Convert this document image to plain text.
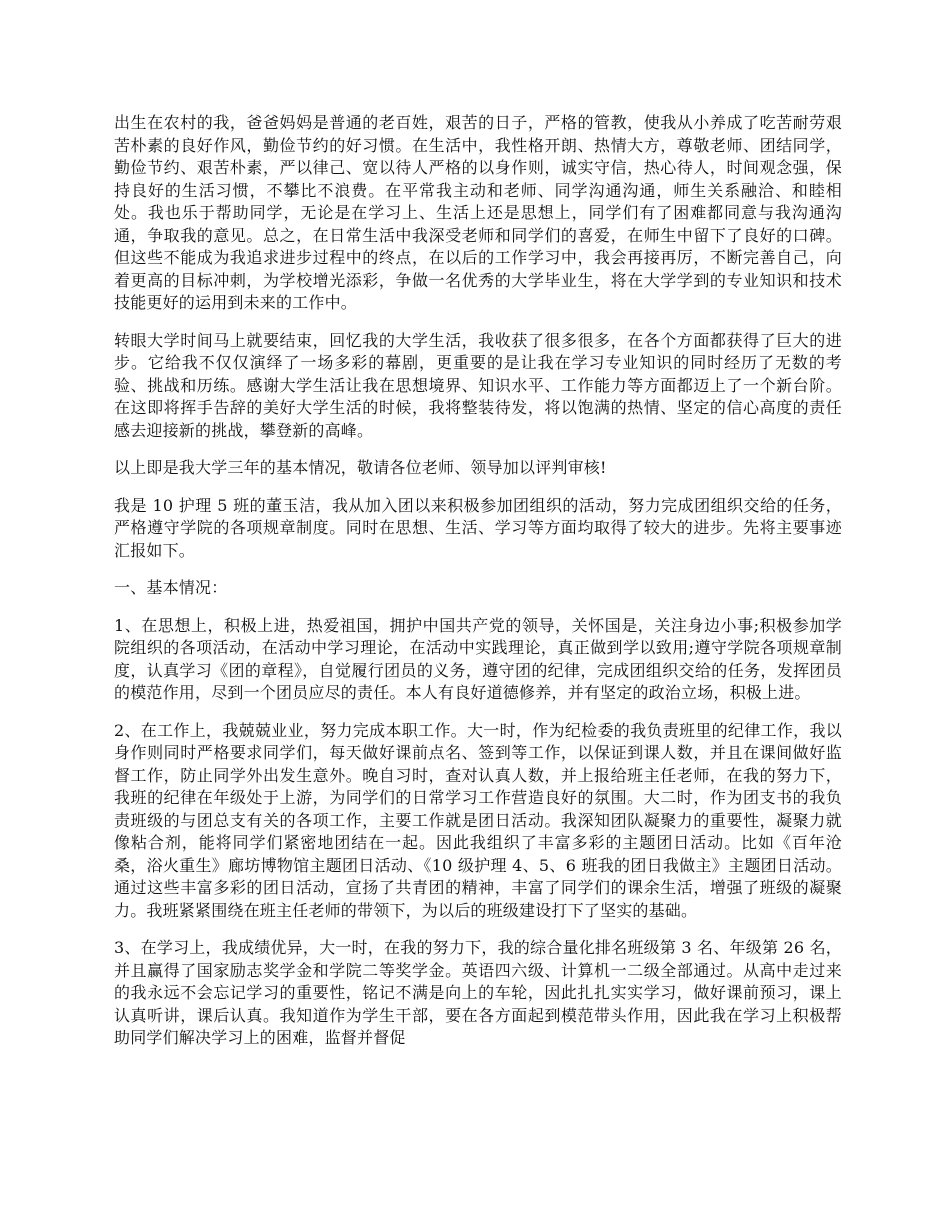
出生在农村的我，爸爸妈妈是普通的老百姓，艰苦的日子，严格的管教，使我从小养成了吃苦耐劳艰苦朴素的良好作风，勤俭节约的好习惯。在生活中，我性格开朗、热情大方，尊敬老师、团结同学，勤俭节约、艰苦朴素，严以律己、宽以待人严格的以身作则，诚实守信，热心待人，时间观念强，保持良好的生活习惯，不攀比不浪费。在平常我主动和老师、同学沟通沟通，师生关系融洽、和睦相处。我也乐于帮助同学，无论是在学习上、生活上还是思想上，同学们有了困难都同意与我沟通沟通，争取我的意见。总之，在日常生活中我深受老师和同学们的喜爱，在师生中留下了良好的口碑。但这些不能成为我追求进步过程中的终点，在以后的工作学习中，我会再接再厉，不断完善自己，向着更高的目标冲刺，为学校增光添彩，争做一名优秀的大学毕业生，将在大学学到的专业知识和技术技能更好的运用到未来的工作中。

转眼大学时间马上就要结束，回忆我的大学生活，我收获了很多很多，在各个方面都获得了巨大的进步。它给我不仅仅演绎了一场多彩的幕剧，更重要的是让我在学习专业知识的同时经历了无数的考验、挑战和历练。感谢大学生活让我在思想境界、知识水平、工作能力等方面都迈上了一个新台阶。在这即将挥手告辞的美好大学生活的时候，我将整装待发，将以饱满的热情、坚定的信心高度的责任感去迎接新的挑战，攀登新的高峰。

以上即是我大学三年的基本情况，敬请各位老师、领导加以评判审核!

我是 10 护理 5 班的董玉洁，我从加入团以来积极参加团组织的活动，努力完成团组织交给的任务，严格遵守学院的各项规章制度。同时在思想、生活、学习等方面均取得了较大的进步。先将主要事迹汇报如下。

一、基本情况：

1、在思想上，积极上进，热爱祖国，拥护中国共产党的领导，关怀国是，关注身边小事;积极参加学院组织的各项活动，在活动中学习理论，在活动中实践理论，真正做到学以致用;遵守学院各项规章制度，认真学习《团的章程》，自觉履行团员的义务，遵守团的纪律，完成团组织交给的任务，发挥团员的模范作用，尽到一个团员应尽的责任。本人有良好道德修养，并有坚定的政治立场，积极上进。

2、在工作上，我兢兢业业，努力完成本职工作。大一时，作为纪检委的我负责班里的纪律工作，我以身作则同时严格要求同学们，每天做好课前点名、签到等工作，以保证到课人数，并且在课间做好监督工作，防止同学外出发生意外。晚自习时，查对认真人数，并上报给班主任老师，在我的努力下，我班的纪律在年级处于上游，为同学们的日常学习工作营造良好的氛围。大二时，作为团支书的我负责班级的与团总支有关的各项工作，主要工作就是团日活动。我深知团队凝聚力的重要性，凝聚力就像粘合剂，能将同学们紧密地团结在一起。因此我组织了丰富多彩的主题团日活动。比如《百年沧桑，浴火重生》廊坊博物馆主题团日活动、《10 级护理 4、5、6 班我的团日我做主》主题团日活动。通过这些丰富多彩的团日活动，宣扬了共青团的精神，丰富了同学们的课余生活，增强了班级的凝聚力。我班紧紧围绕在班主任老师的带领下，为以后的班级建设打下了坚实的基础。

3、在学习上，我成绩优异，大一时，在我的努力下，我的综合量化排名班级第 3 名、年级第 26 名，并且赢得了国家励志奖学金和学院二等奖学金。英语四六级、计算机一二级全部通过。从高中走过来的我永远不会忘记学习的重要性，铭记不满是向上的车轮，因此扎扎实实学习，做好课前预习，课上认真听讲，课后认真。我知道作为学生干部，要在各方面起到模范带头作用，因此我在学习上积极帮助同学们解决学习上的困难，监督并督促
